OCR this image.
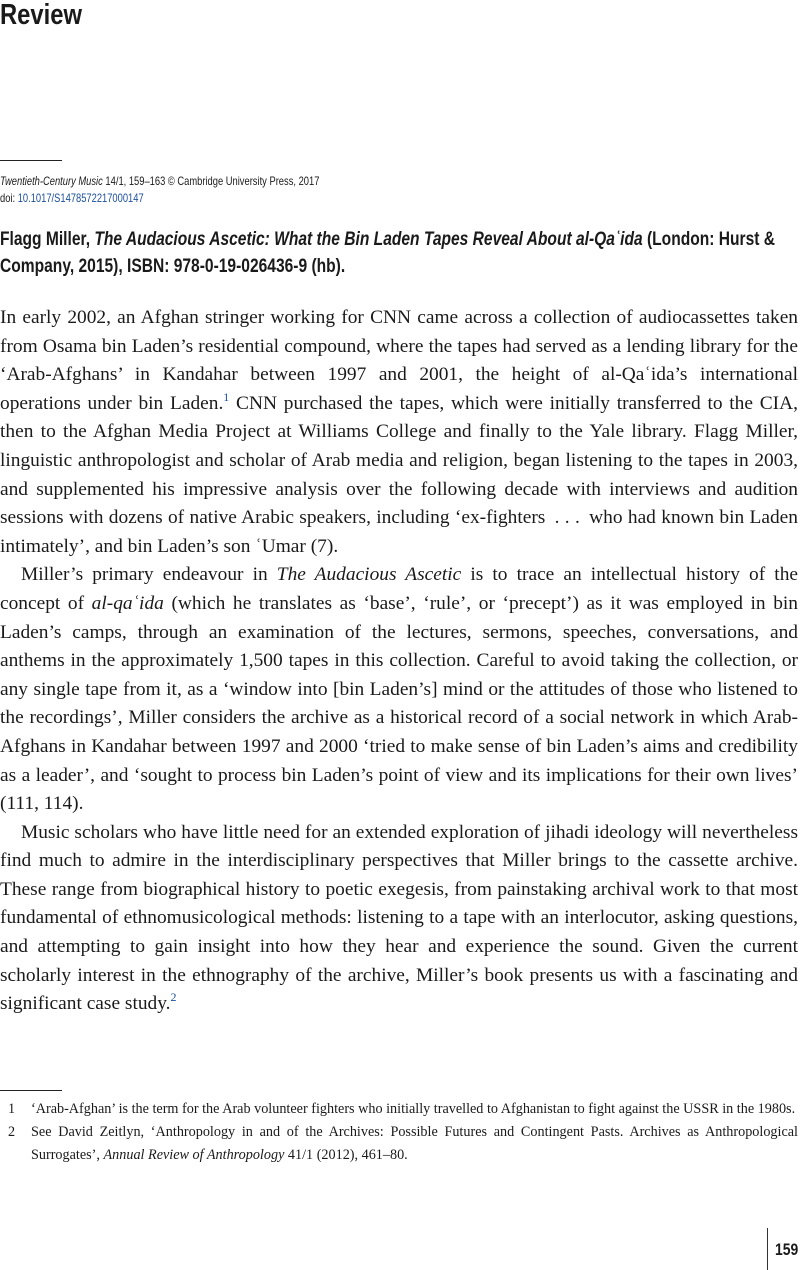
Review
Twentieth-Century Music 14/1, 159–163 © Cambridge University Press, 2017
doi: 10.1017/S1478572217000147
Flagg Miller, The Audacious Ascetic: What the Bin Laden Tapes Reveal About al-Qaʿida (London: Hurst & Company, 2015), ISBN: 978-0-19-026436-9 (hb).

In early 2002, an Afghan stringer working for CNN came across a collection of audiocassettes taken from Osama bin Laden’s residential compound, where the tapes had served as a lending library for the ‘Arab-Afghans’ in Kandahar between 1997 and 2001, the height of al-Qaʿida’s international operations under bin Laden.$^1$ CNN purchased the tapes, which were initially transferred to the CIA, then to the Afghan Media Project at Williams College and finally to the Yale library. Flagg Miller, linguistic anthropologist and scholar of Arab media and religion, began listening to the tapes in 2003, and supplemented his impressive analysis over the following decade with interviews and audition sessions with dozens of native Arabic speakers, including ‘ex-fighters  . . .  who had known bin Laden intimately’, and bin Laden’s son ʿUmar (7).

Miller’s primary endeavour in The Audacious Ascetic is to trace an intellectual history of the concept of al-qaʿida (which he translates as ‘base’, ‘rule’, or ‘precept’) as it was employed in bin Laden’s camps, through an examination of the lectures, sermons, speeches, conversations, and anthems in the approximately 1,500 tapes in this collection. Careful to avoid taking the collection, or any single tape from it, as a ‘window into [bin Laden’s] mind or the attitudes of those who listened to the recordings’, Miller considers the archive as a historical record of a social network in which Arab-Afghans in Kandahar between 1997 and 2000 ‘tried to make sense of bin Laden’s aims and credibility as a leader’, and ‘sought to process bin Laden’s point of view and its implications for their own lives’ (111, 114).

Music scholars who have little need for an extended exploration of jihadi ideology will nevertheless find much to admire in the interdisciplinary perspectives that Miller brings to the cassette archive. These range from biographical history to poetic exegesis, from painstaking archival work to that most fundamental of ethnomusicological methods: listening to a tape with an interlocutor, asking questions, and attempting to gain insight into how they hear and experience the sound. Given the current scholarly interest in the ethnography of the archive, Miller’s book presents us with a fascinating and significant case study.$^2$

1 ‘Arab-Afghan’ is the term for the Arab volunteer fighters who initially travelled to Afghanistan to fight against the USSR in the 1980s.
2 See David Zeitlyn, ‘Anthropology in and of the Archives: Possible Futures and Contingent Pasts. Archives as Anthropological Surrogates’, Annual Review of Anthropology 41/1 (2012), 461–80.
159
